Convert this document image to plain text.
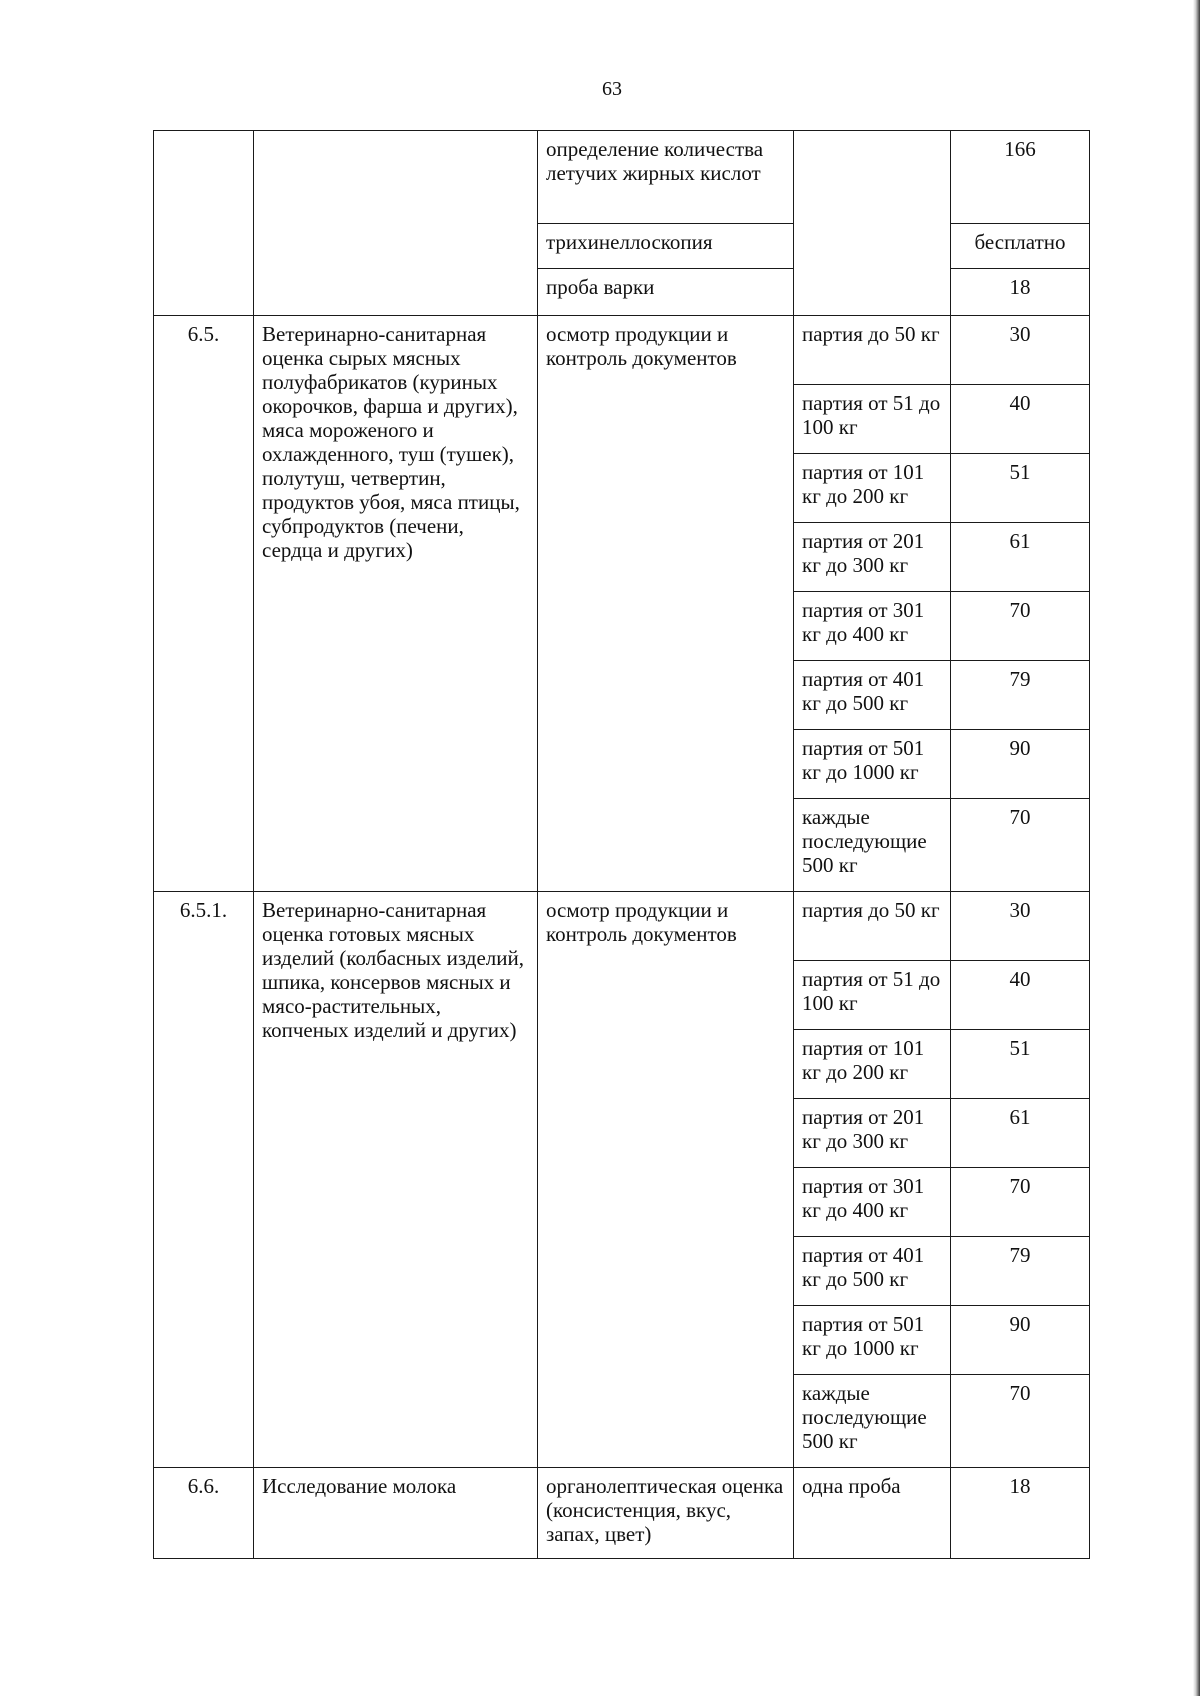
63
		определение количества летучих жирных кислот		166
		трихинеллоскопия		бесплатно
		проба варки		18
6.5.	Ветеринарно-санитарная оценка сырых мясных полуфабрикатов (куриных окорочков, фарша и других), мяса мороженого и охлажденного, туш (тушек), полутуш, четвертин, продуктов убоя, мяса птицы, субпродуктов (печени, сердца и других)	осмотр продукции и контроль документов	партия до 50 кг	30
			партия от 51 до 100 кг	40
			партия от 101 кг до 200 кг	51
			партия от 201 кг до 300 кг	61
			партия от 301 кг до 400 кг	70
			партия от 401 кг до 500 кг	79
			партия от 501 кг до 1000 кг	90
			каждые последующие 500 кг	70
6.5.1.	Ветеринарно-санитарная оценка готовых мясных изделий (колбасных изделий, шпика, консервов мясных и мясо-растительных, копченых изделий и других)	осмотр продукции и контроль документов	партия до 50 кг	30
			партия от 51 до 100 кг	40
			партия от 101 кг до 200 кг	51
			партия от 201 кг до 300 кг	61
			партия от 301 кг до 400 кг	70
			партия от 401 кг до 500 кг	79
			партия от 501 кг до 1000 кг	90
			каждые последующие 500 кг	70
6.6.	Исследование молока	органолептическая оценка (консистенция, вкус, запах, цвет)	одна проба	18
